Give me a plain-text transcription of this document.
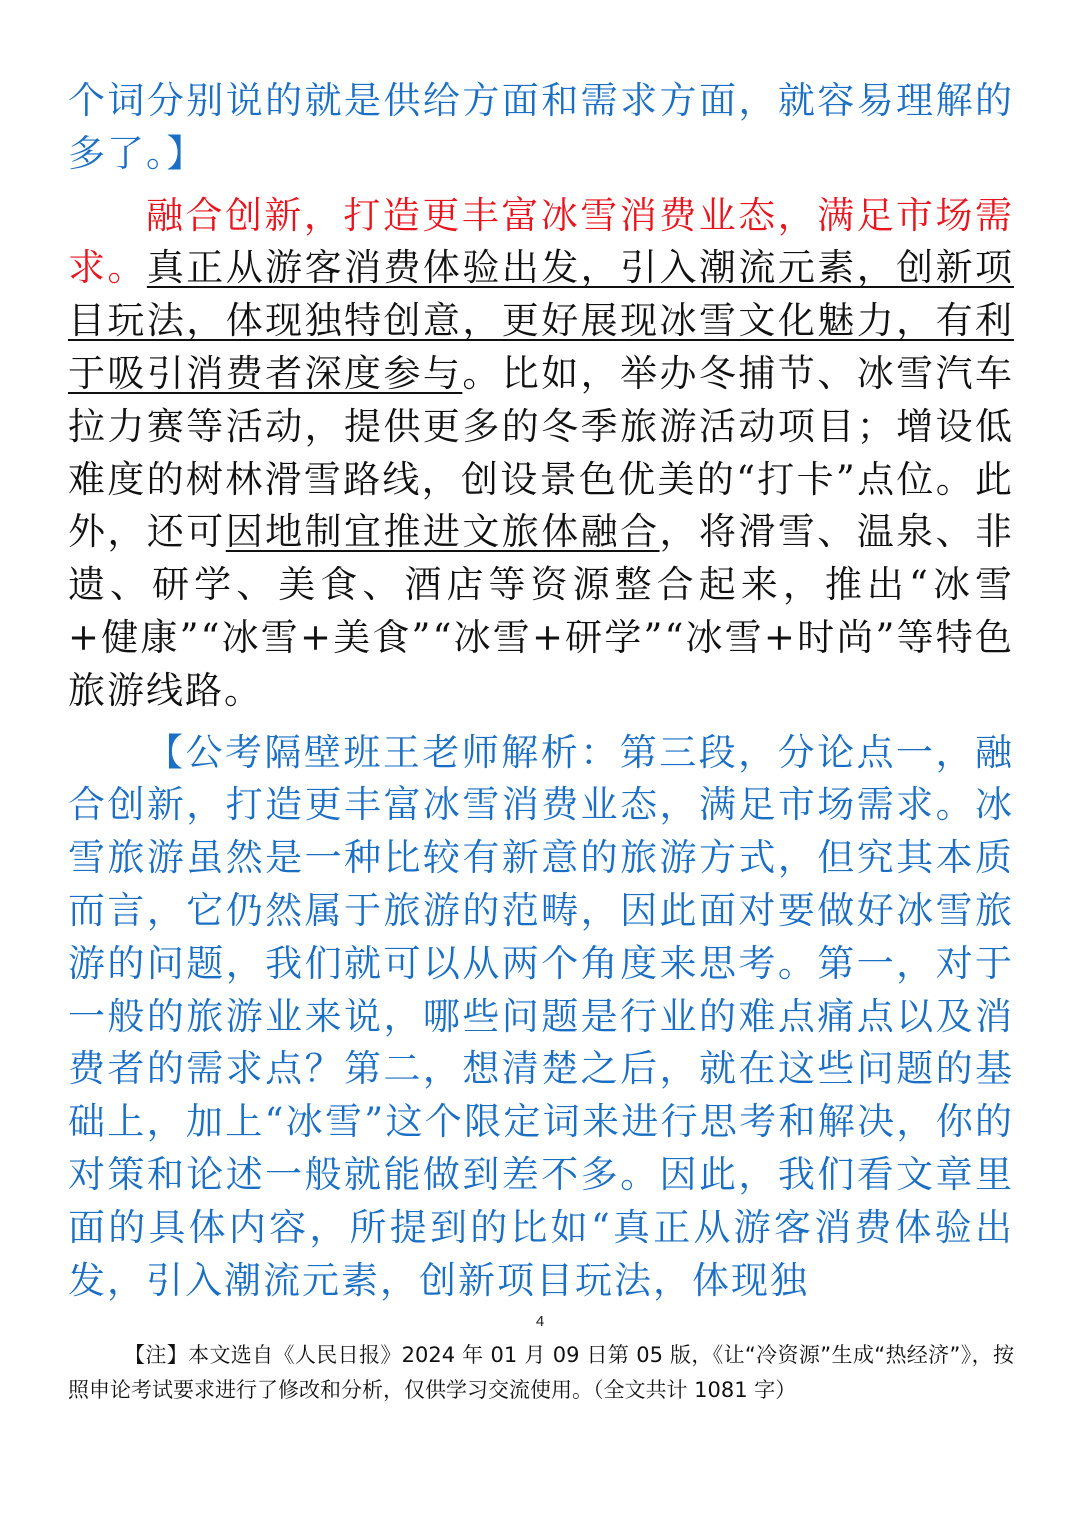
个词分别说的就是供给方面和需求方面，就容易理解的多了。】

融合创新，打造更丰富冰雪消费业态，满足市场需求。真正从游客消费体验出发，引入潮流元素，创新项目玩法，体现独特创意，更好展现冰雪文化魅力，有利于吸引消费者深度参与。比如，举办冬捕节、冰雪汽车拉力赛等活动，提供更多的冬季旅游活动项目；增设低难度的树林滑雪路线，创设景色优美的“打卡”点位。此外，还可因地制宜推进文旅体融合，将滑雪、温泉、非遗、研学、美食、酒店等资源整合起来，推出“冰雪+健康”“冰雪+美食”“冰雪+研学”“冰雪+时尚”等特色旅游线路。

【公考隔壁班王老师解析：第三段，分论点一，融合创新，打造更丰富冰雪消费业态，满足市场需求。冰雪旅游虽然是一种比较有新意的旅游方式，但究其本质而言，它仍然属于旅游的范畴，因此面对要做好冰雪旅游的问题，我们就可以从两个角度来思考。第一，对于一般的旅游业来说，哪些问题是行业的难点痛点以及消费者的需求点？第二，想清楚之后，就在这些问题的基础上，加上“冰雪”这个限定词来进行思考和解决，你的对策和论述一般就能做到差不多。因此，我们看文章里面的具体内容，所提到的比如“真正从游客消费体验出发，引入潮流元素，创新项目玩法，体现独

4
【注】本文选自《人民日报》2024 年 01 月 09 日第 05 版，《让“冷资源”生成“热经济”》，按照申论考试要求进行了修改和分析，仅供学习交流使用。（全文共计 1081 字）
